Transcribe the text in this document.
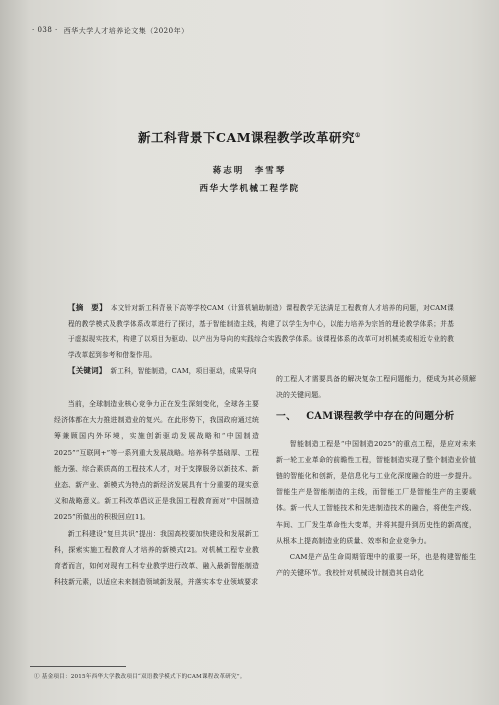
· 038 · 西华大学人才培养论文集（2020年）
新工科背景下CAM课程教学改革研究①
蒋志明　李雪琴
西华大学机械工程学院
【摘　要】 本文针对新工科背景下高等学校CAM（计算机辅助制造）课程教学无法满足工程教育人才培养的问题，对CAM课程的教学模式及教学体系改革进行了探讨，基于智能制造主线，构建了以学生为中心，以能力培养为宗旨的理论教学体系；并基于虚拟现实技术，构建了以项目为驱动、以产出为导向的实践综合实践教学体系。该课程体系的改革可对机械类或相近专业的教学改革起到参考和借鉴作用。
【关键词】 新工科，智能制造，CAM，项目驱动，成果导向

当前，全球制造业核心竞争力正在发生深刻变化，全球各主要经济体都在大力推进制造业的复兴。在此形势下，我国政府通过统筹兼顾国内外环境，实施创新驱动发展战略和“中国制造2025”“互联网+”等一系列重大发展战略。培养科学基础厚、工程能力强、综合素质高的工程技术人才，对于支撑服务以新技术、新业态、新产业、新模式为特点的新经济发展具有十分重要的现实意义和战略意义。新工科改革倡议正是我国工程教育面对“中国制造2025”所做出的积极回应[1]。

新工科建设“复旦共识”提出：我国高校要加快建设和发展新工科，探索实施工程教育人才培养的新模式[2]。对机械工程专业教育者而言，如何对现有工科专业教学进行改革、融入最新智能制造科技新元素，以适应未来制造领域新发展，并落实本专业领域要求

的工程人才需要具备的解决复杂工程问题能力，便成为其必须解决的关键问题。

一、 CAM课程教学中存在的问题分析

智能制造工程是“中国制造2025”的重点工程，是应对未来新一轮工业革命的前瞻性工程，智能制造实现了整个制造业价值链的智能化和创新，是信息化与工业化深度融合的进一步提升。智能生产是智能制造的主线，而智能工厂是智能生产的主要载体。新一代人工智能技术和先进制造技术的融合，将使生产线、车间、工厂发生革命性大变革，并将其提升到历史性的新高度，从根本上提高制造业的质量、效率和企业竞争力。

CAM是产品生命周期管理中的重要一环，也是构建智能生产的关键环节。我校针对机械设计制造其自动化

① 基金项目：2015年西华大学教改项目“双语教学模式下的CAM课程改革研究”。
